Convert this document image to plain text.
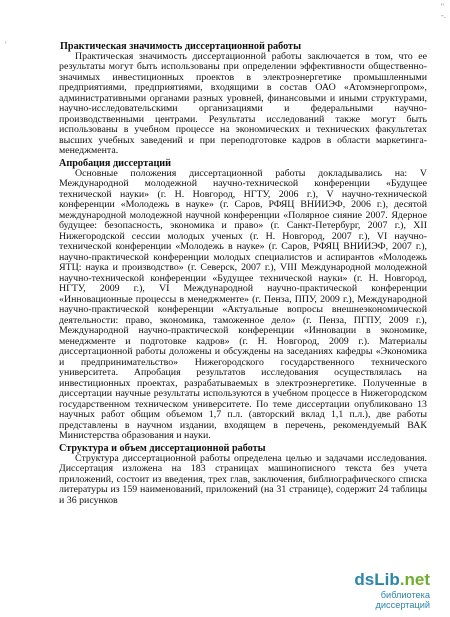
'
''
-.
Практическая значимость диссертационной работы

Практическая значимость диссертационной работы заключается в том, что ее результаты могут быть использованы при определении эффективности общественно-значимых инвестиционных проектов в электроэнергетике промышленными предприятиями, предприятиями, входящими в состав ОАО «Атомэнергопром», административными органами разных уровней, финансовыми и иными структурами, научно-исследовательскими организациями и федеральными научно-производственными центрами. Результаты исследований также могут быть использованы в учебном процессе на экономических и технических факультетах высших учебных заведений и при переподготовке кадров в области маркетинга-менеджмента.

Апробация диссертаций

Основные положения диссертационной работы докладывались на: V Международной молодежной научно-технической конференции «Будущее технической науки» (г. Н. Новгород, НГТУ, 2006 г.), V научно-технической конференции «Молодежь в науке» (г. Саров, РФЯЦ ВНИИЭФ, 2006 г.), десятой международной молодежной научной конференции «Полярное сияние 2007. Ядерное будущее: безопасность, экономика и право» (г. Санкт-Петербург, 2007 г.), XII Нижегородской сессии молодых ученых (г. Н. Новгород, 2007 г.), VI научно-технической конференции «Молодежь в науке» (г. Саров, РФЯЦ ВНИИЭФ, 2007 г.), научно-практической конференции молодых специалистов и аспирантов «Молодежь ЯТЦ: наука и производство» (г. Северск, 2007 г.), VIII Международной молодежной научно-технической конференции «Будущее технической науки» (г. Н. Новгород, НГТУ, 2009 г.), VI Международной научно-практической конференции «Инновационные процессы в менеджменте» (г. Пенза, ППУ, 2009 г.), Международной научно-практической конференции «Актуальные вопросы внешнеэкономической деятельности: право, экономика, таможенное дело» (г. Пенза, ПГПУ, 2009 г.), Международной научно-практической конференции «Инновации в экономике, менеджменте и подготовке кадров» (г. Н. Новгород, 2009 г.). Материалы диссертационной работы доложены и обсуждены на заседаниях кафедры «Экономика и предпринимательство» Нижегородского государственного технического университета. Апробация результатов исследования осуществлялась на инвестиционных проектах, разрабатываемых в электроэнергетике. Полученные в диссертации научные результаты используются в учебном процессе в Нижегородском государственном техническом университете. По теме диссертации опубликовано 13 научных работ общим объемом 1,7 п.л. (авторский вклад 1,1 п.л.), две работы представлены в научном издании, входящем в перечень, рекомендуемый ВАК Министерства образования и науки.

Структура и объем диссертационной работы

Структура диссертационной работы определена целью и задачами исследования. Диссертация изложена на 183 страницах машинописного текста без учета приложений, состоит из введения, трех глав, заключения, библиографического списка литературы из 159 наименований, приложений (на 31 странице), содержит 24 таблицы и 36 рисунков

dsLib.net
библиотека диссертаций
